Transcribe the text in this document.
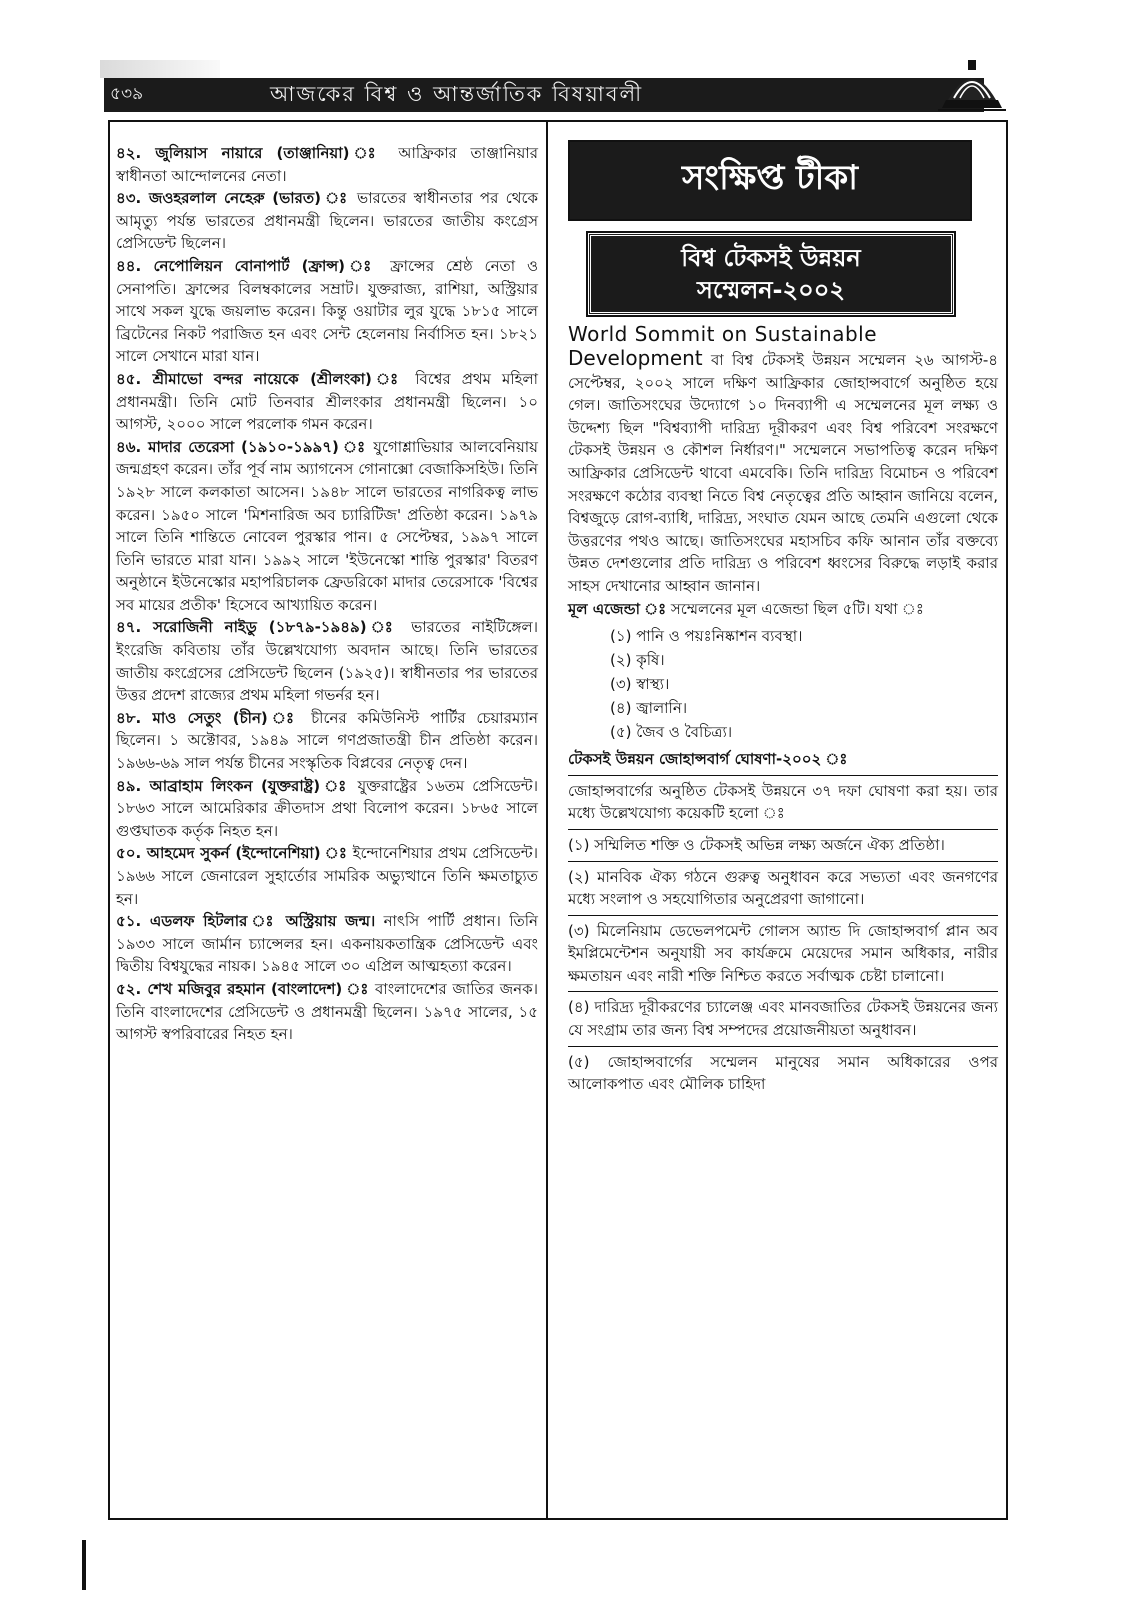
৫৩৯	আজকের বিশ্ব ও আন্তর্জাতিক বিষয়াবলী

৪২. জুলিয়াস নায়ারে (তাঞ্জানিয়া) ঃ আফ্রিকার তাঞ্জানিয়ার স্বাধীনতা আন্দোলনের নেতা।

৪৩. জওহরলাল নেহেরু (ভারত) ঃ ভারতের স্বাধীনতার পর থেকে আমৃত্যু পর্যন্ত ভারতের প্রধানমন্ত্রী ছিলেন। ভারতের জাতীয় কংগ্রেস প্রেসিডেন্ট ছিলেন।

৪৪. নেপোলিয়ন বোনাপার্ট (ফ্রান্স) ঃ ফ্রান্সের শ্রেষ্ঠ নেতা ও সেনাপতি। ফ্রান্সের বিলম্বকালের সম্রাট। যুক্তরাজ্য, রাশিয়া, অস্ট্রিয়ার সাথে সকল যুদ্ধে জয়লাভ করেন। কিন্তু ওয়াটার লুর যুদ্ধে ১৮১৫ সালে ব্রিটেনের নিকট পরাজিত হন এবং সেন্ট হেলেনায় নির্বাসিত হন। ১৮২১ সালে সেখানে মারা যান।

৪৫. শ্রীমাভো বন্দর নায়েকে (শ্রীলংকা) ঃ বিশ্বের প্রথম মহিলা প্রধানমন্ত্রী। তিনি মোট তিনবার শ্রীলংকার প্রধানমন্ত্রী ছিলেন। ১০ আগস্ট, ২০০০ সালে পরলোক গমন করেন।

৪৬. মাদার তেরেসা (১৯১০-১৯৯৭) ঃ যুগোশ্লাভিয়ার আলবেনিয়ায় জন্মগ্রহণ করেন। তাঁর পূর্ব নাম অ্যাগনেস গোনাক্সো বেজাকিসহিউ। তিনি ১৯২৮ সালে কলকাতা আসেন। ১৯৪৮ সালে ভারতের নাগরিকত্ব লাভ করেন। ১৯৫০ সালে 'মিশনারিজ অব চ্যারিটিজ' প্রতিষ্ঠা করেন। ১৯৭৯ সালে তিনি শান্তিতে নোবেল পুরস্কার পান। ৫ সেপ্টেম্বর, ১৯৯৭ সালে তিনি ভারতে মারা যান। ১৯৯২ সালে 'ইউনেস্কো শান্তি পুরস্কার' বিতরণ অনুষ্ঠানে ইউনেস্কোর মহাপরিচালক ফ্রেডরিকো মাদার তেরেসাকে 'বিশ্বের সব মায়ের প্রতীক' হিসেবে আখ্যায়িত করেন।

৪৭. সরোজিনী নাইডু (১৮৭৯-১৯৪৯) ঃ ভারতের নাইটিঙ্গেল। ইংরেজি কবিতায় তাঁর উল্লেখযোগ্য অবদান আছে। তিনি ভারতের জাতীয় কংগ্রেসের প্রেসিডেন্ট ছিলেন (১৯২৫)। স্বাধীনতার পর ভারতের উত্তর প্রদেশ রাজ্যের প্রথম মহিলা গভর্নর হন।

৪৮. মাও সেতুং (চীন) ঃ চীনের কমিউনিস্ট পার্টির চেয়ারম্যান ছিলেন। ১ অক্টোবর, ১৯৪৯ সালে গণপ্রজাতন্ত্রী চীন প্রতিষ্ঠা করেন। ১৯৬৬-৬৯ সাল পর্যন্ত চীনের সংস্কৃতিক বিপ্লবের নেতৃত্ব দেন।

৪৯. আব্রাহাম লিংকন (যুক্তরাষ্ট্র) ঃ যুক্তরাষ্ট্রের ১৬তম প্রেসিডেন্ট। ১৮৬৩ সালে আমেরিকার ক্রীতদাস প্রথা বিলোপ করেন। ১৮৬৫ সালে গুপ্তঘাতক কর্তৃক নিহত হন।

৫০. আহমেদ সুকর্ন (ইন্দোনেশিয়া) ঃ ইন্দোনেশিয়ার প্রথম প্রেসিডেন্ট। ১৯৬৬ সালে জেনারেল সুহার্তোর সামরিক অভ্যুত্থানে তিনি ক্ষমতাচ্যুত হন।

৫১. এডলফ হিটলার ঃ অস্ট্রিয়ায় জন্ম। নাৎসি পার্টি প্রধান। তিনি ১৯৩৩ সালে জার্মান চ্যান্সেলর হন। একনায়কতান্ত্রিক প্রেসিডেন্ট এবং দ্বিতীয় বিশ্বযুদ্ধের নায়ক। ১৯৪৫ সালে ৩০ এপ্রিল আত্মহত্যা করেন।

৫২. শেখ মজিবুর রহমান (বাংলাদেশ) ঃ বাংলাদেশের জাতির জনক। তিনি বাংলাদেশের প্রেসিডেন্ট ও প্রধানমন্ত্রী ছিলেন। ১৯৭৫ সালের, ১৫ আগস্ট স্বপরিবারের নিহত হন।

সংক্ষিপ্ত টীকা
বিশ্ব টেকসই উন্নয়ন
সম্মেলন-২০০২

World Sommit on Sustainable

Development বা বিশ্ব টেকসই উন্নয়ন সম্মেলন ২৬ আগস্ট-৪ সেপ্টেম্বর, ২০০২ সালে দক্ষিণ আফ্রিকার জোহান্সবার্গে অনুষ্ঠিত হয়ে গেল। জাতিসংঘের উদ্যোগে ১০ দিনব্যাপী এ সম্মেলনের মূল লক্ষ্য ও উদ্দেশ্য ছিল "বিশ্বব্যাপী দারিদ্র্য দূরীকরণ এবং বিশ্ব পরিবেশ সংরক্ষণে টেকসই উন্নয়ন ও কৌশল নির্ধারণ।" সম্মেলনে সভাপতিত্ব করেন দক্ষিণ আফ্রিকার প্রেসিডেন্ট থাবো এমবেকি। তিনি দারিদ্র্য বিমোচন ও পরিবেশ সংরক্ষণে কঠোর ব্যবস্থা নিতে বিশ্ব নেতৃত্বের প্রতি আহ্বান জানিয়ে বলেন, বিশ্বজুড়ে রোগ-ব্যাধি, দারিদ্র্য, সংঘাত যেমন আছে তেমনি এগুলো থেকে উত্তরণের পথও আছে। জাতিসংঘের মহাসচিব কফি আনান তাঁর বক্তব্যে উন্নত দেশগুলোর প্রতি দারিদ্র্য ও পরিবেশ ধ্বংসের বিরুদ্ধে লড়াই করার সাহস দেখানোর আহ্বান জানান।

মূল এজেন্ডা ঃ সম্মেলনের মূল এজেন্ডা ছিল ৫টি। যথা ঃ

(১) পানি ও পয়ঃনিষ্কাশন ব্যবস্থা।
(২) কৃষি।
(৩) স্বাস্থ্য।
(৪) জ্বালানি।
(৫) জৈব ও বৈচিত্র্য।

টেকসই উন্নয়ন জোহান্সবার্গ ঘোষণা-২০০২ ঃ

জোহান্সবার্গের অনুষ্ঠিত টেকসই উন্নয়নে ৩৭ দফা ঘোষণা করা হয়। তার মধ্যে উল্লেখযোগ্য কয়েকটি হলো ঃ

(১) সম্মিলিত শক্তি ও টেকসই অভিন্ন লক্ষ্য অর্জনে ঐক্য প্রতিষ্ঠা।

(২) মানবিক ঐক্য গঠনে গুরুত্ব অনুধাবন করে সভ্যতা এবং জনগণের মধ্যে সংলাপ ও সহযোগিতার অনুপ্রেরণা জাগানো।

(৩) মিলেনিয়াম ডেভেলপমেন্ট গোলস অ্যান্ড দি জোহান্সবার্গ প্লান অব ইমপ্লিমেন্টেশন অনুযায়ী সব কার্যক্রমে মেয়েদের সমান অধিকার, নারীর ক্ষমতায়ন এবং নারী শক্তি নিশ্চিত করতে সর্বাত্মক চেষ্টা চালানো।

(৪) দারিদ্র্য দূরীকরণের চ্যালেঞ্জ এবং মানবজাতির টেকসই উন্নয়নের জন্য যে সংগ্রাম তার জন্য বিশ্ব সম্পদের প্রয়োজনীয়তা অনুধাবন।

(৫) জোহান্সবার্গের সম্মেলন মানুষের সমান অধিকারের ওপর আলোকপাত এবং মৌলিক চাহিদা
